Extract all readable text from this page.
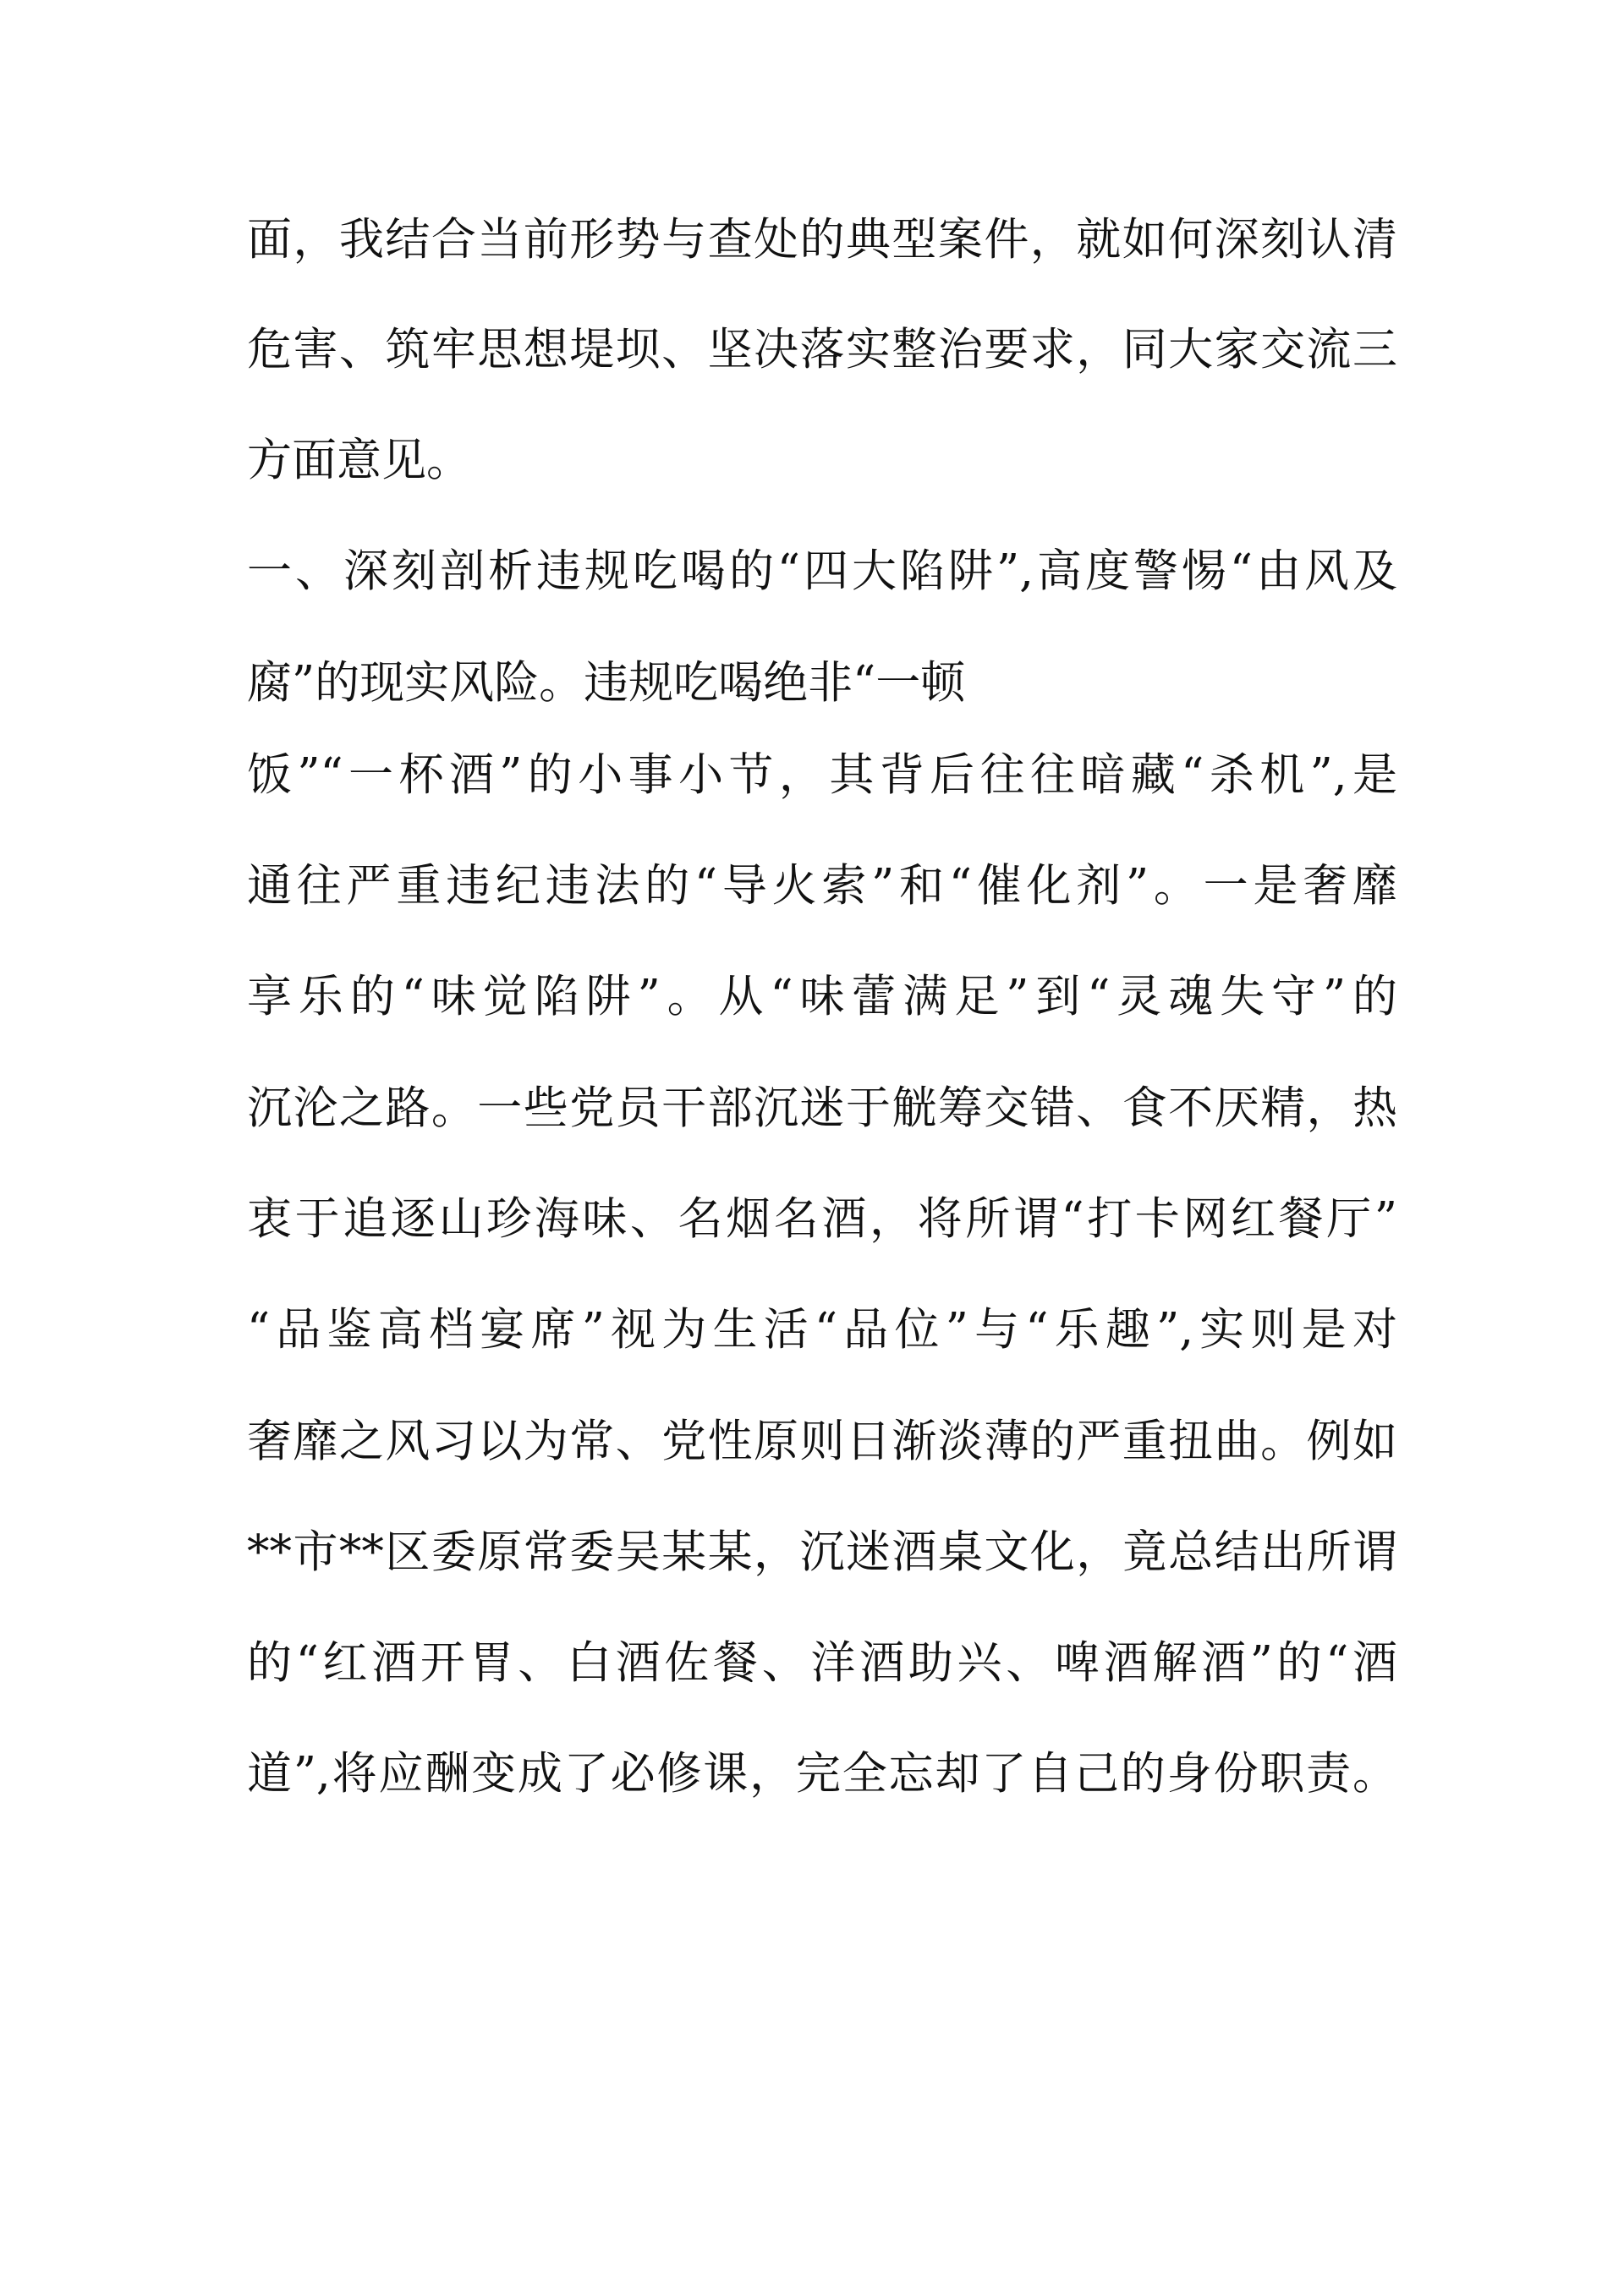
面，我结合当前形势与查处的典型案件，就如何深刻认清

危害、筑牢思想堤坝、坚决落实整治要求，同大家交流三

方面意见。

一、深刻剖析违规吃喝的“四大陷阱”,高度警惕“由风及

腐”的现实风险。违规吃喝绝非“一顿

饭”“一杯酒”的小事小节，其背后往往暗藏“杀机”,是

通往严重违纪违法的“导火索”和“催化剂”。一是奢靡

享乐的“味觉陷阱”。从“味蕾满足”到“灵魂失守”的

沉沦之路。一些党员干部沉迷于觥筹交错、食不厌精，热

衷于追逐山珍海味、名烟名酒，将所谓“打卡网红餐厅”

“品鉴高档宴席”视为生活“品位”与“乐趣”,实则是对

奢靡之风习以为常、党性原则日渐淡薄的严重扭曲。例如

**市**区委原常委吴某某，沉迷酒桌文化，竟总结出所谓

的“红酒开胃、白酒佐餐、洋酒助兴、啤酒解酒”的“酒

道”,将应酬变成了必修课，完全忘却了自己的身份职责。
